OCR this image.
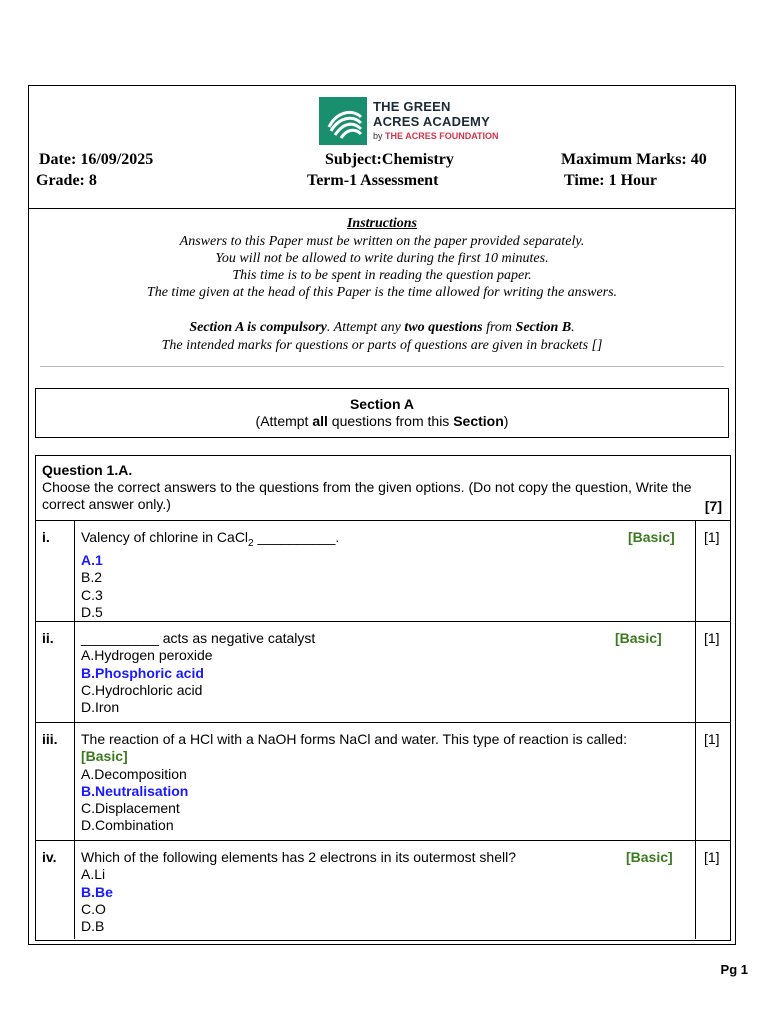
THE GREEN
ACRES ACADEMY
by THE ACRES FOUNDATION
Date: 16/09/2025	Subject:Chemistry	Maximum Marks: 40
Grade: 8	Term-1 Assessment	Time: 1 Hour
Instructions
Answers to this Paper must be written on the paper provided separately.
You will not be allowed to write during the first 10 minutes.
This time is to be spent in reading the question paper.
The time given at the head of this Paper is the time allowed for writing the answers.
Section A is compulsory. Attempt any two questions from Section B.
The intended marks for questions or parts of questions are given in brackets []
Section A
(Attempt all questions from this Section)
Question 1.A.
Choose the correct answers to the questions from the given options. (Do not copy the question, Write the correct answer only.)	[7]
i. Valency of chlorine in CaCl$_2$ __________.
A.1
B.2
C.3
D.5
[Basic] [1]
ii. __________ acts as negative catalyst
A.Hydrogen peroxide
B.Phosphoric acid
C.Hydrochloric acid
D.Iron
[Basic]	[1]
iii. The reaction of a HCl with a NaOH forms NaCl and water. This type of reaction is called:
[Basic]
A.Decomposition
B.Neutralisation
C.Displacement
D.Combination
[1]
iv. Which of the following elements has 2 electrons in its outermost shell?
A.Li
B.Be
C.O
D.B
[Basic] [1]
Pg 1
